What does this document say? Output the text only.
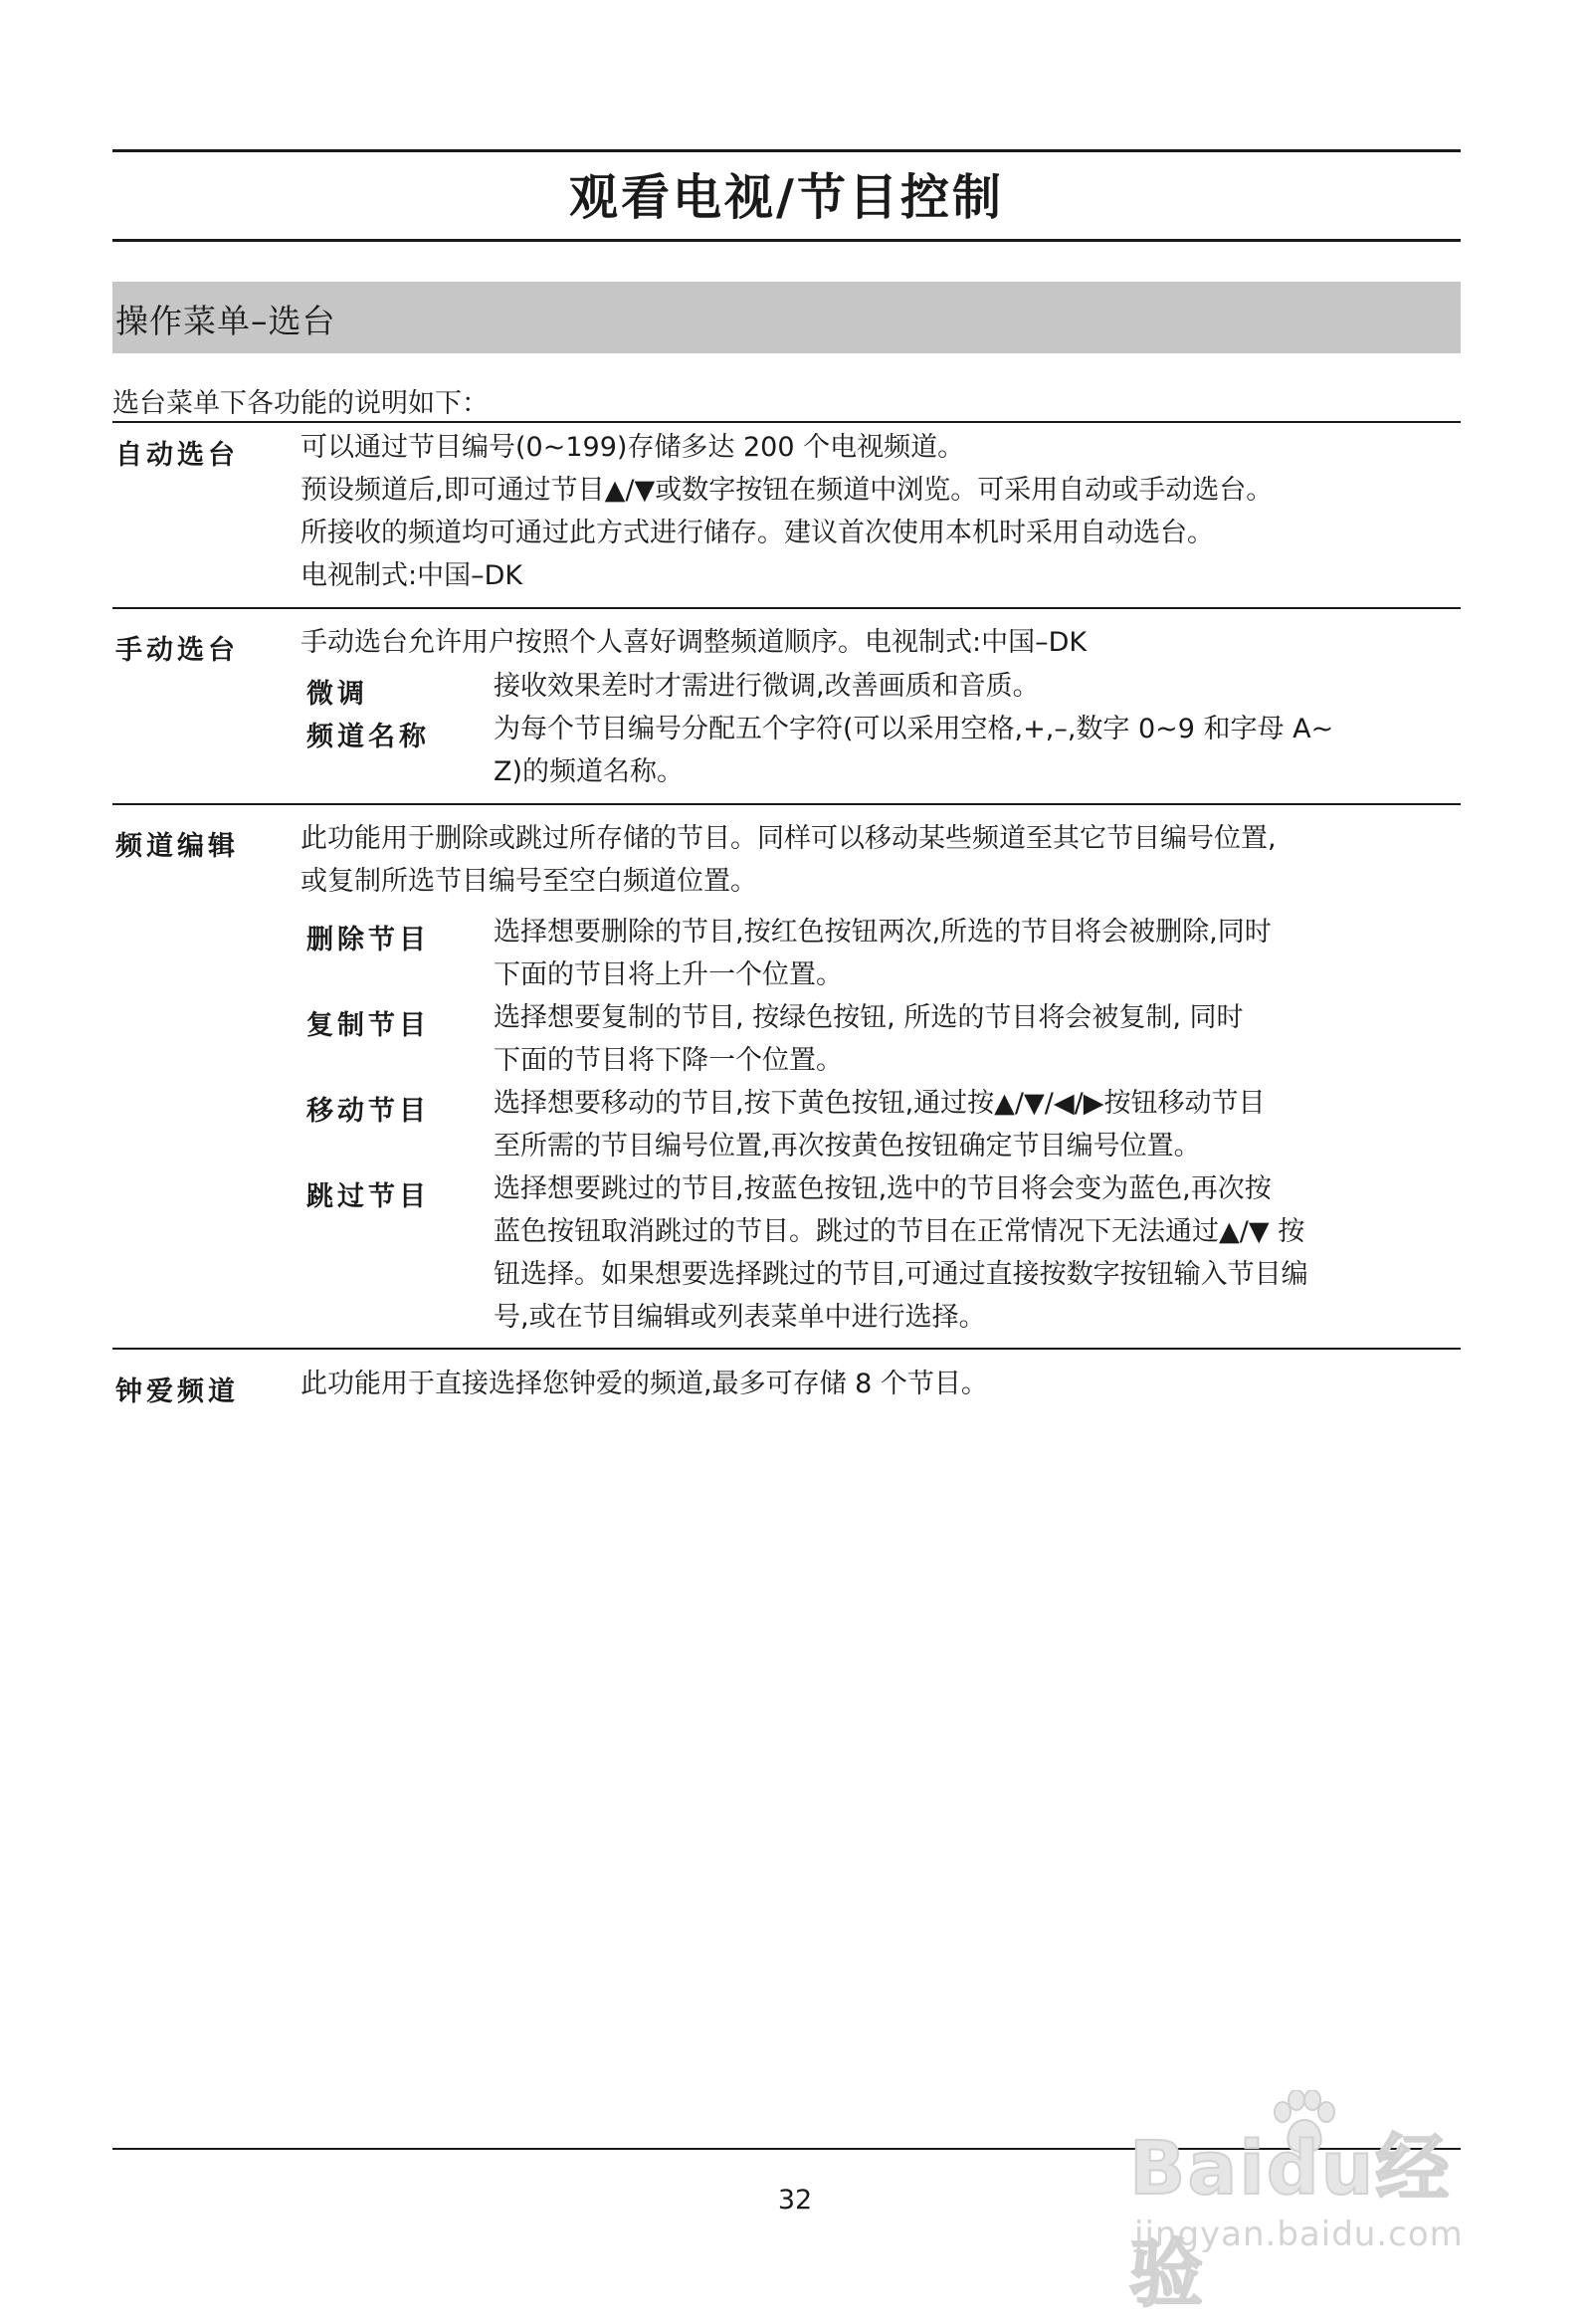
观看电视/节目控制
操作菜单–选台
选台菜单下各功能的说明如下：
自动选台 可以通过节目编号(0~199)存储多达 200 个电视频道。
预设频道后,即可通过节目▲/▼或数字按钮在频道中浏览。可采用自动或手动选台。
所接收的频道均可通过此方式进行储存。建议首次使用本机时采用自动选台。
电视制式:中国–DK
手动选台 手动选台允许用户按照个人喜好调整频道顺序。电视制式:中国–DK
微调	接收效果差时才需进行微调,改善画质和音质。
频道名称 为每个节目编号分配五个字符(可以采用空格,+,–,数字 0~9 和字母 A~
Z)的频道名称。
频道编辑 此功能用于删除或跳过所存储的节目。同样可以移动某些频道至其它节目编号位置,
或复制所选节目编号至空白频道位置。
删除节目 选择想要删除的节目,按红色按钮两次,所选的节目将会被删除,同时
下面的节目将上升一个位置。
复制节目 选择想要复制的节目, 按绿色按钮, 所选的节目将会被复制, 同时
下面的节目将下降一个位置。
移动节目 选择想要移动的节目,按下黄色按钮,通过按▲/▼/◀/▶按钮移动节目
至所需的节目编号位置,再次按黄色按钮确定节目编号位置。
跳过节目 选择想要跳过的节目,按蓝色按钮,选中的节目将会变为蓝色,再次按
蓝色按钮取消跳过的节目。跳过的节目在正常情况下无法通过▲/▼ 按
钮选择。如果想要选择跳过的节目,可通过直接按数字按钮输入节目编
号,或在节目编辑或列表菜单中进行选择。
钟爱频道 此功能用于直接选择您钟爱的频道,最多可存储 8 个节目。
32	Baidu经验
jingyan.baidu.com
